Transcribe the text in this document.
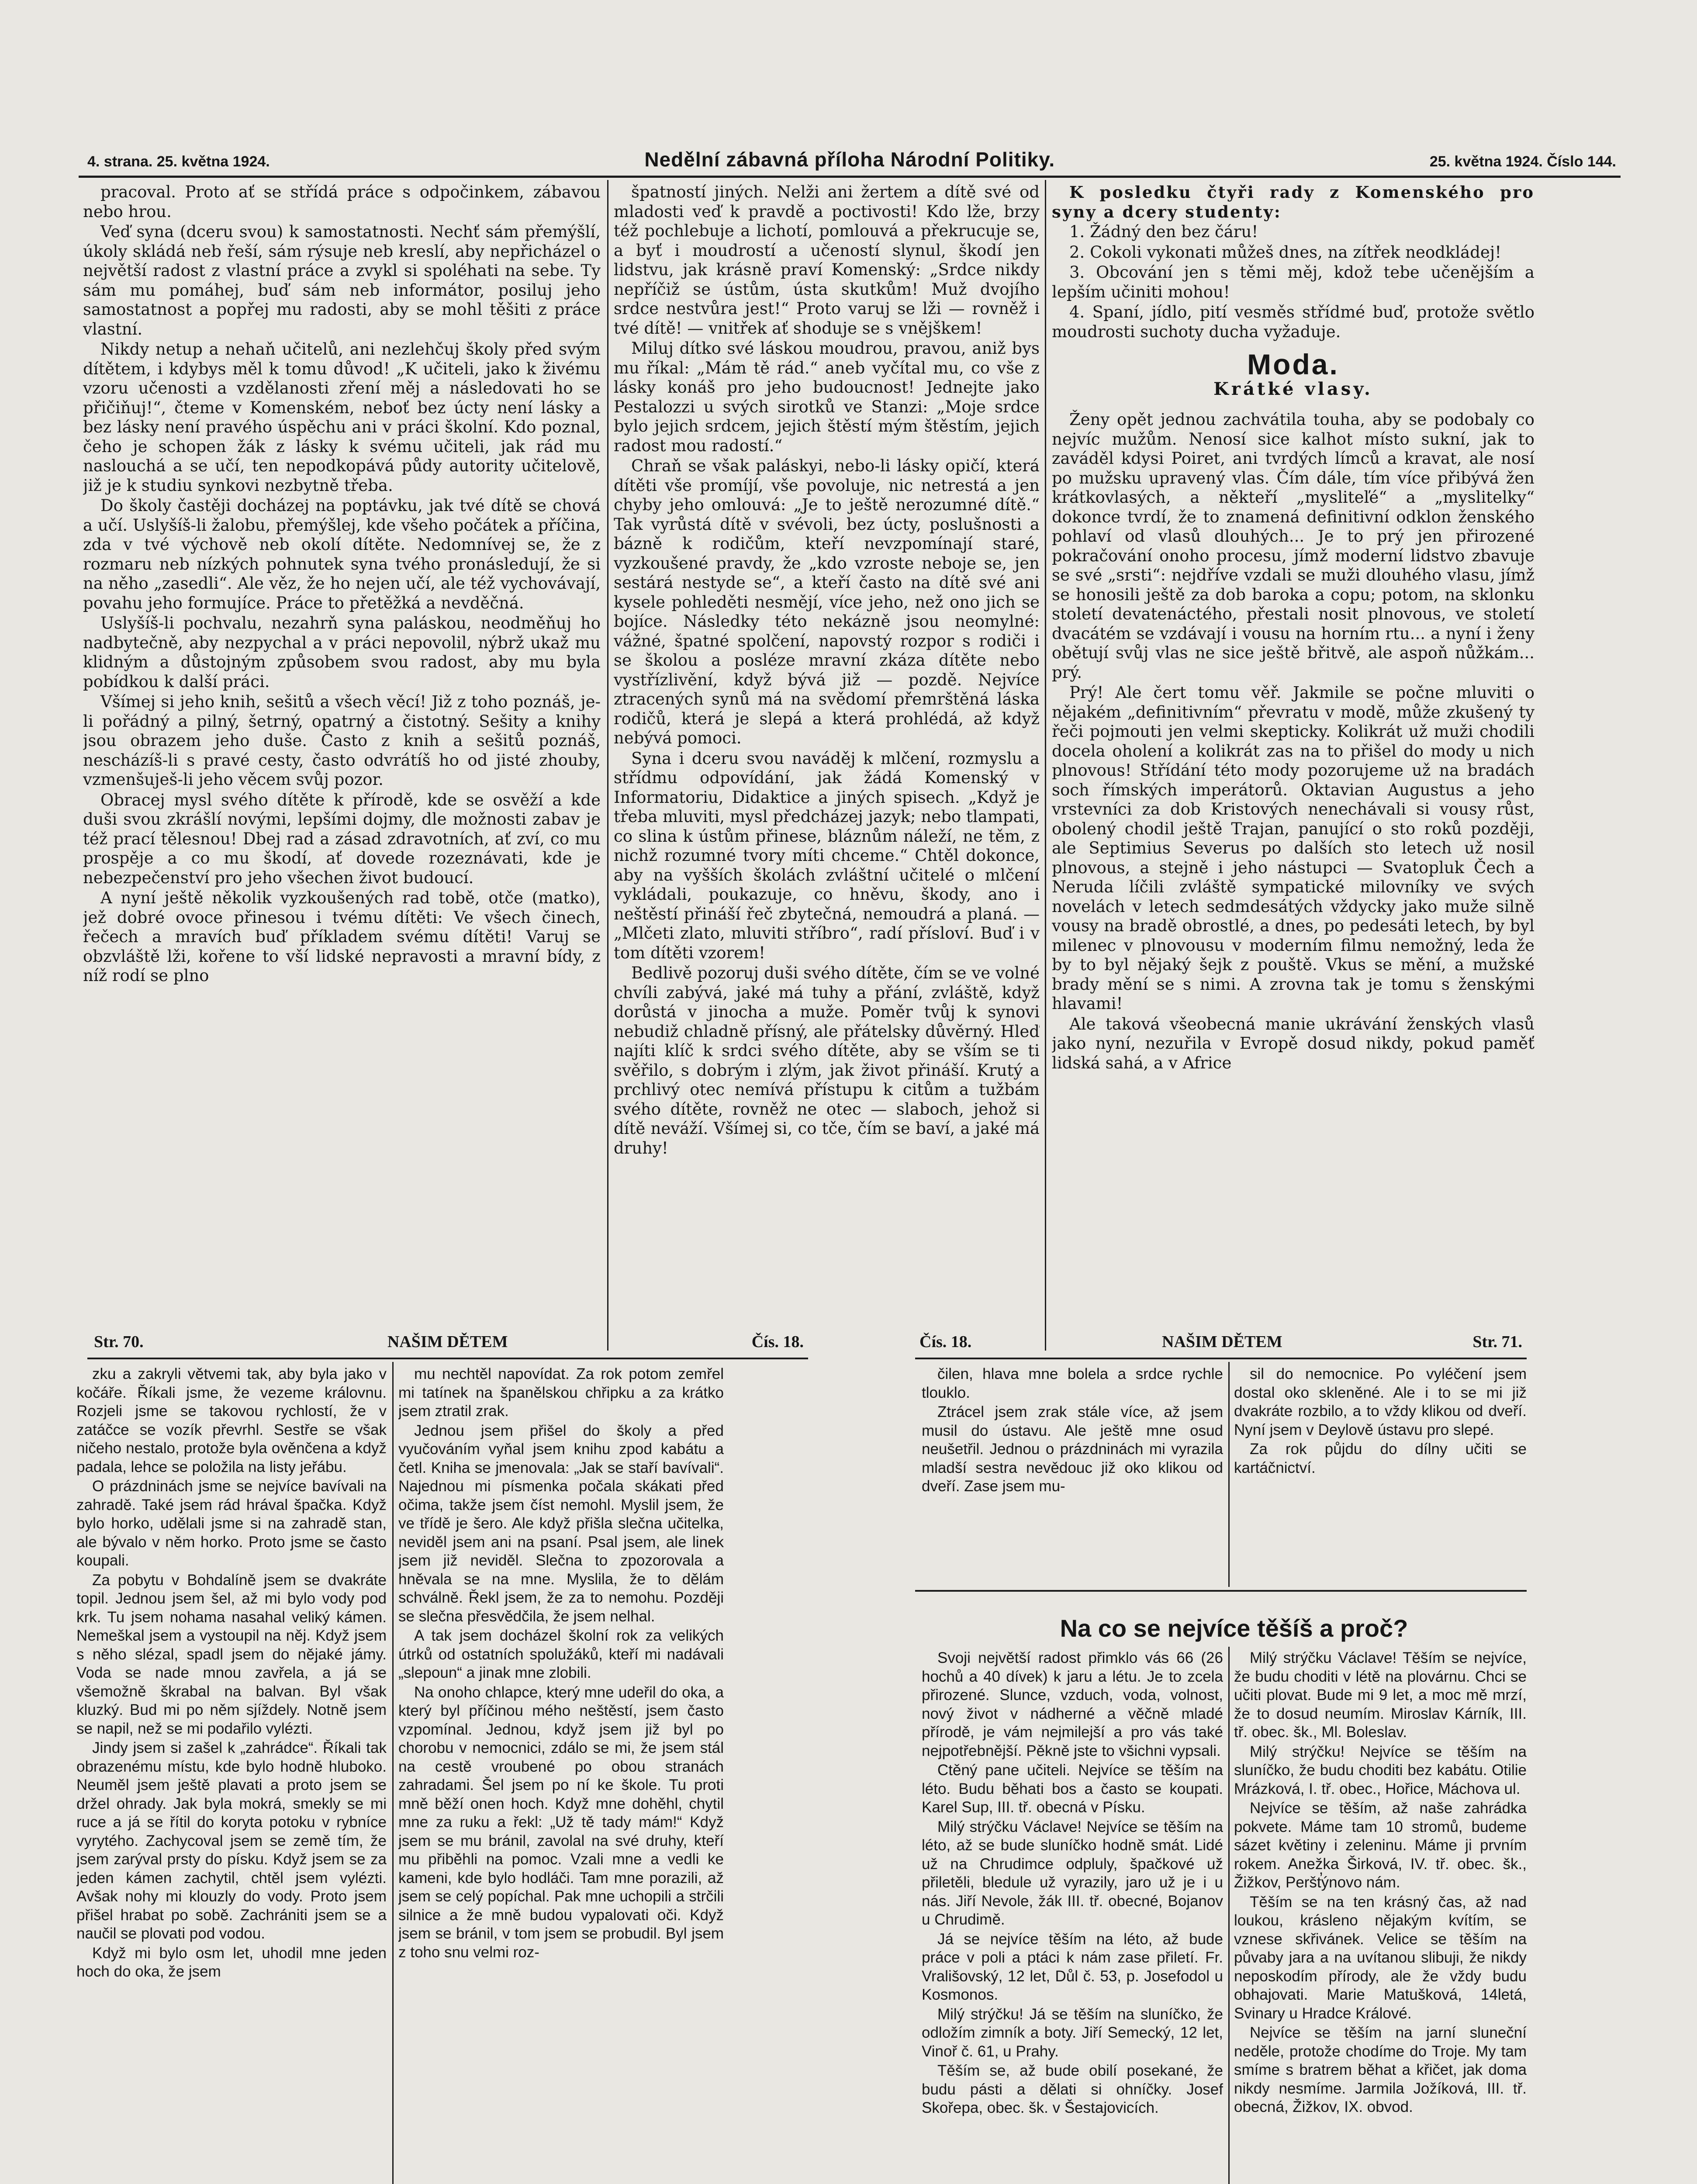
4. strana. 25. května 1924.	Nedělní zábavná příloha Národní Politiky.	25. května 1924. Číslo 144.

pracoval. Proto ať se střídá práce s odpočinkem, zábavou nebo hrou.

Veď syna (dceru svou) k samostatnosti. Nechť sám přemýšlí, úkoly skládá neb řeší, sám rýsuje neb kreslí, aby nepřicházel o největší radost z vlastní práce a zvykl si spoléhati na sebe. Ty sám mu pomáhej, buď sám neb informátor, posiluj jeho samostatnost a popřej mu radosti, aby se mohl těšiti z práce vlastní.

Nikdy netup a nehaň učitelů, ani nezlehčuj školy před svým dítětem, i kdybys měl k tomu důvod! „K učiteli, jako k živému vzoru učenosti a vzdělanosti zření měj a následovati ho se přičiňuj!“, čteme v Komenském, neboť bez úcty není lásky a bez lásky není pravého úspěchu ani v práci školní. Kdo poznal, čeho je schopen žák z lásky k svému učiteli, jak rád mu naslouchá a se učí, ten nepodkopává půdy autority učitelově, již je k studiu synkovi nezbytně třeba.

Do školy častěji docházej na poptávku, jak tvé dítě se chová a učí. Uslyšíš-li žalobu, přemýšlej, kde všeho počátek a příčina, zda v tvé výchově neb okolí dítěte. Nedomnívej se, že z rozmaru neb nízkých pohnutek syna tvého pronásledují, že si na něho „zasedli“. Ale věz, že ho nejen učí, ale též vychovávají, povahu jeho formujíce. Práce to přetěžká a nevděčná.

Uslyšíš-li pochvalu, nezahrň syna paláskou, neodměňuj ho nadbytečně, aby nezpychal a v práci nepovolil, nýbrž ukaž mu klidným a důstojným způsobem svou radost, aby mu byla pobídkou k další práci.

Všímej si jeho knih, sešitů a všech věcí! Již z toho poznáš, je-li pořádný a pilný, šetrný, opatrný a čistotný. Sešity a knihy jsou obrazem jeho duše. Často z knih a sešitů poznáš, nescházíš-li s pravé cesty, často odvrátíš ho od jisté zhouby, vzmenšuješ-li jeho věcem svůj pozor.

Obracej mysl svého dítěte k přírodě, kde se osvěží a kde duši svou zkrášlí novými, lepšími dojmy, dle možnosti zabav je též prací tělesnou! Dbej rad a zásad zdravotních, ať zví, co mu prospěje a co mu škodí, ať dovede rozeznávati, kde je nebezpečenství pro jeho všechen život budoucí.

A nyní ještě několik vyzkoušených rad tobě, otče (matko), jež dobré ovoce přinesou i tvému dítěti: Ve všech činech, řečech a mravích buď příkladem svému dítěti! Varuj se obzvláště lži, kořene to vší lidské nepravosti a mravní bídy, z níž rodí se plno

špatností jiných. Nelži ani žertem a dítě své od mladosti veď k pravdě a poctivosti! Kdo lže, brzy též pochlebuje a lichotí, pomlouvá a překrucuje se, a byť i moudrostí a učeností slynul, škodí jen lidstvu, jak krásně praví Komenský: „Srdce nikdy nepříčiž se ústům, ústa skutkům! Muž dvojího srdce nestvůra jest!“ Proto varuj se lži — rovněž i tvé dítě! — vnitřek ať shoduje se s vnějškem!

Miluj dítko své láskou moudrou, pravou, aniž bys mu říkal: „Mám tě rád.“ aneb vyčítal mu, co vše z lásky konáš pro jeho budoucnost! Jednejte jako Pestalozzi u svých sirotků ve Stanzi: „Moje srdce bylo jejich srdcem, jejich štěstí mým štěstím, jejich radost mou radostí.“

Chraň se však paláskyi, nebo-li lásky opičí, která dítěti vše promíjí, vše povoluje, nic netrestá a jen chyby jeho omlouvá: „Je to ještě nerozumné dítě.“ Tak vyrůstá dítě v svévoli, bez úcty, poslušnosti a bázně k rodičům, kteří nevzpomínají staré, vyzkoušené pravdy, že „kdo vzroste neboje se, jen sestárá nestyde se“, a kteří často na dítě své ani kysele pohleděti nesmějí, více jeho, než ono jich se bojíce. Následky této nekázně jsou neomylné: vážné, špatné spolčení, napovstý rozpor s rodiči i se školou a posléze mravní zkáza dítěte nebo vystřízlivění, když bývá již — pozdě. Nejvíce ztracených synů má na svědomí přemrštěná láska rodičů, která je slepá a která prohlédá, až když nebývá pomoci.

Syna i dceru svou naváděj k mlčení, rozmyslu a střídmu odpovídání, jak žádá Komenský v Informatoriu, Didaktice a jiných spisech. „Když je třeba mluviti, mysl předcházej jazyk; nebo tlampati, co slina k ústům přinese, bláznům náleží, ne těm, z nichž rozumné tvory míti chceme.“ Chtěl dokonce, aby na vyšších školách zvláštní učitelé o mlčení vykládali, poukazuje, co hněvu, škody, ano i neštěstí přináší řeč zbytečná, nemoudrá a planá. — „Mlčeti zlato, mluviti stříbro“, radí přísloví. Buď i v tom dítěti vzorem!

Bedlivě pozoruj duši svého dítěte, čím se ve volné chvíli zabývá, jaké má tuhy a přání, zvláště, když dorůstá v jinocha a muže. Poměr tvůj k synovi nebudiž chladně přísný, ale přátelsky důvěrný. Hleď najíti klíč k srdci svého dítěte, aby se vším se ti svěřilo, s dobrým i zlým, jak život přináší. Krutý a prchlivý otec nemívá přístupu k citům a tužbám svého dítěte, rovněž ne otec — slaboch, jehož si dítě neváží. Všímej si, co tče, čím se baví, a jaké má druhy!

K posledku čtyři rady z Komenského pro syny a dcery studenty:

1. Žádný den bez čáru!

2. Cokoli vykonati můžeš dnes, na zítřek neodkládej!

3. Obcování jen s těmi měj, kdož tebe učenějším a lepším učiniti mohou!

4. Spaní, jídlo, pití vesměs střídmé buď, protože světlo moudrosti suchoty ducha vyžaduje.

Moda.
Krátké vlasy.

Ženy opět jednou zachvátila touha, aby se podobaly co nejvíc mužům. Nenosí sice kalhot místo sukní, jak to zaváděl kdysi Poiret, ani tvrdých límců a kravat, ale nosí po mužsku upravený vlas. Čím dále, tím více přibývá žen krátkovlasých, a někteří „mysliteľé“ a „myslitelky“ dokonce tvrdí, že to znamená definitivní odklon ženského pohlaví od vlasů dlouhých... Je to prý jen přirozené pokračování onoho procesu, jímž moderní lidstvo zbavuje se své „srsti“: nejdříve vzdali se muži dlouhého vlasu, jímž se honosili ještě za dob baroka a copu; potom, na sklonku století devatenáctého, přestali nosit plnovous, ve století dvacátém se vzdávají i vousu na horním rtu... a nyní i ženy obětují svůj vlas ne sice ještě břitvě, ale aspoň nůžkám... prý.

Prý! Ale čert tomu věř. Jakmile se počne mluviti o nějakém „definitivním“ převratu v modě, může zkušený ty řeči pojmouti jen velmi skepticky. Kolikrát už muži chodili docela oholení a kolikrát zas na to přišel do mody u nich plnovous! Střídání této mody pozorujeme už na bradách soch římských imperátorů. Oktavian Augustus a jeho vrstevníci za dob Kristových nenechávali si vousy růst, obolený chodil ještě Trajan, panující o sto roků později, ale Septimius Severus po dalších sto letech už nosil plnovous, a stejně i jeho nástupci — Svatopluk Čech a Neruda líčili zvláště sympatické milovníky ve svých novelách v letech sedmdesátých vždycky jako muže silně vousy na bradě obrostlé, a dnes, po pedesáti letech, by byl milenec v plnovousu v moderním filmu nemožný, leda že by to byl nějaký šejk z pouště. Vkus se mění, a mužské brady mění se s nimi. A zrovna tak je tomu s ženskými hlavami!

Ale taková všeobecná manie ukrávání ženských vlasů jako nyní, nezuřila v Evropě dosud nikdy, pokud paměť lidská sahá, a v Africe

Str. 70.	NAŠIM DĚTEM	Čís. 18.

zku a zakryli větvemi tak, aby byla jako v kočáře. Říkali jsme, že vezeme královnu. Rozjeli jsme se takovou rychlostí, že v zatáčce se vozík převrhl. Sestře se však ničeho nestalo, protože byla ověnčena a když padala, lehce se položila na listy jeřábu.

O prázdninách jsme se nejvíce bavívali na zahradě. Také jsem rád hrával špačka. Když bylo horko, udělali jsme si na zahradě stan, ale bývalo v něm horko. Proto jsme se často koupali.

Za pobytu v Bohdalíně jsem se dvakráte topil. Jednou jsem šel, až mi bylo vody pod krk. Tu jsem nohama nasahal veliký kámen. Nemeškal jsem a vystoupil na něj. Když jsem s něho slézal, spadl jsem do nějaké jámy. Voda se nade mnou zavřela, a já se všemožně škrabal na balvan. Byl však kluzký. Bud mi po něm sjíždely. Notně jsem se napil, než se mi podařilo vylézti.

Jindy jsem si zašel k „zahrádce“. Říkali tak obrazenému místu, kde bylo hodně hluboko. Neuměl jsem ještě plavati a proto jsem se držel ohrady. Jak byla mokrá, smekly se mi ruce a já se řítil do koryta potoku v rybníce vyrytého. Zachycoval jsem se země tím, že jsem zarýval prsty do písku. Když jsem se za jeden kámen zachytil, chtěl jsem vylézti. Avšak nohy mi klouzly do vody. Proto jsem přišel hrabat po sobě. Zachrániti jsem se a naučil se plovati pod vodou.

Když mi bylo osm let, uhodil mne jeden hoch do oka, že jsem

mu nechtěl napovídat. Za rok potom zemřel mi tatínek na španělskou chřipku a za krátko jsem ztratil zrak.

Jednou jsem přišel do školy a před vyučováním vyňal jsem knihu zpod kabátu a četl. Kniha se jmenovala: „Jak se staří bavívali“. Najednou mi písmenka počala skákati před očima, takže jsem číst nemohl. Myslil jsem, že ve třídě je šero. Ale když přišla slečna učitelka, neviděl jsem ani na psaní. Psal jsem, ale linek jsem již neviděl. Slečna to zpozorovala a hněvala se na mne. Myslila, že to dělám schválně. Řekl jsem, že za to nemohu. Později se slečna přesvědčila, že jsem nelhal.

A tak jsem docházel školní rok za velikých útrků od ostatních spolužáků, kteří mi nadávali „slepoun“ a jinak mne zlobili.

Na onoho chlapce, který mne udeřil do oka, a který byl příčinou mého neštěstí, jsem často vzpomínal. Jednou, když jsem již byl po chorobu v nemocnici, zdálo se mi, že jsem stál na cestě vroubené po obou stranách zahradami. Šel jsem po ní ke škole. Tu proti mně běží onen hoch. Když mne dohěhl, chytil mne za ruku a řekl: „Už tě tady mám!“ Když jsem se mu bránil, zavolal na své druhy, kteří mu přiběhli na pomoc. Vzali mne a vedli ke kameni, kde bylo hodláči. Tam mne porazili, až jsem se celý popíchal. Pak mne uchopili a strčili silnice a že mně budou vypalovati oči. Když jsem se bránil, v tom jsem se probudil. Byl jsem z toho snu velmi roz-

Čís. 18.	NAŠIM DĚTEM	Str. 71.

čilen, hlava mne bolela a srdce rychle tlouklo.

Ztrácel jsem zrak stále více, až jsem musil do ústavu. Ale ještě mne osud neušetřil. Jednou o prázdninách mi vyrazila mladší sestra nevědouc již oko klikou od dveří. Zase jsem mu-

sil do nemocnice. Po vyléčení jsem dostal oko skleněné. Ale i to se mi již dvakráte rozbilo, a to vždy klikou od dveří. Nyní jsem v Deylově ústavu pro slepé.

Za rok půjdu do dílny učiti se kartáčnictví.

Na co se nejvíce těšíš a proč?

Svoji největší radost přimklo vás 66 (26 hochů a 40 dívek) k jaru a létu. Je to zcela přirozené. Slunce, vzduch, voda, volnost, nový život v nádherné a věčně mladé přírodě, je vám nejmilejší a pro vás také nejpotřebnější. Pěkně jste to všichni vypsali.

Ctěný pane učiteli. Nejvíce se těším na léto. Budu běhati bos a často se koupati. Karel Sup, III. tř. obecná v Písku.

Milý strýčku Václave! Nejvíce se těším na léto, až se bude sluníčko hodně smát. Lidé už na Chrudimce odpluly, špačkové už přiletěli, bledule už vyrazily, jaro už je i u nás. Jiří Nevole, žák III. tř. obecné, Bojanov u Chrudimě.

Já se nejvíce těším na léto, až bude práce v poli a ptáci k nám zase přiletí. Fr. Vrališovský, 12 let, Důl č. 53, p. Josefodol u Kosmonos.

Milý strýčku! Já se těším na sluníčko, že odložím zimník a boty. Jiří Semecký, 12 let, Vinoř č. 61, u Prahy.

Těším se, až bude obilí posekané, že budu pásti a dělati si ohníčky. Josef Skořepa, obec. šk. v Šestajovicích.

Milý strýčku Václave! Těším se nejvíce, že budu choditi v létě na plovárnu. Chci se učiti plovat. Bude mi 9 let, a moc mě mrzí, že to dosud neumím. Miroslav Kárník, III. tř. obec. šk., Ml. Boleslav.

Milý strýčku! Nejvíce se těším na sluníčko, že budu choditi bez kabátu. Otilie Mrázková, I. tř. obec., Hořice, Máchova ul.

Nejvíce se těším, až naše zahrádka pokvete. Máme tam 10 stromů, budeme sázet květiny i zeleninu. Máme ji prvním rokem. Anežka Širková, IV. tř. obec. šk., Žižkov, Peršt̕ýnovo nám.

Těším se na ten krásný čas, až nad loukou, krásleno nějakým kvítím, se vznese skřivánek. Velice se těším na půvaby jara a na uvítanou slibuji, že nikdy neposkodím přírody, ale že vždy budu obhajovati. Marie Matušková, 14letá, Svinary u Hradce Králové.

Nejvíce se těším na jarní sluneční neděle, protože chodíme do Troje. My tam smíme s bratrem běhat a křičet, jak doma nikdy nesmíme. Jarmila Jožíková, III. tř. obecná, Žižkov, IX. obvod.
